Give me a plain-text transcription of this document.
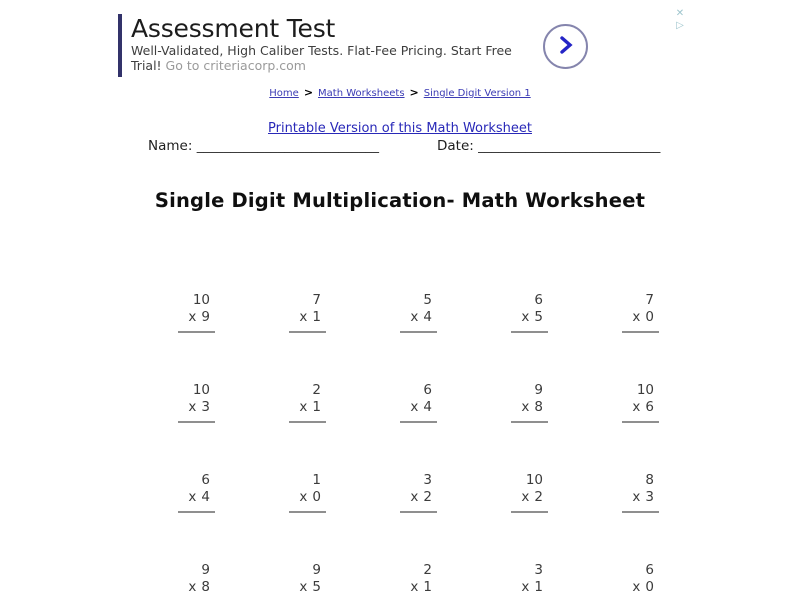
Assessment Test
Well-Validated, High Caliber Tests. Flat-Fee Pricing. Start Free Trial! Go to criteriacorp.com
✕
▷
Home > Math Worksheets > Single Digit Version 1
Printable Version of this Math Worksheet
Name: ___________________________	Date: ___________________________
Single Digit Multiplication- Math Worksheet
10
x 9
7
x 1
5
x 4
6
x 5
7
x 0
10
x 3
2
x 1
6
x 4
9
x 8
10
x 6
6
x 4
1
x 0
3
x 2
10
x 2
8
x 3
9
x 8
9
x 5
2
x 1
3
x 1
6
x 0
